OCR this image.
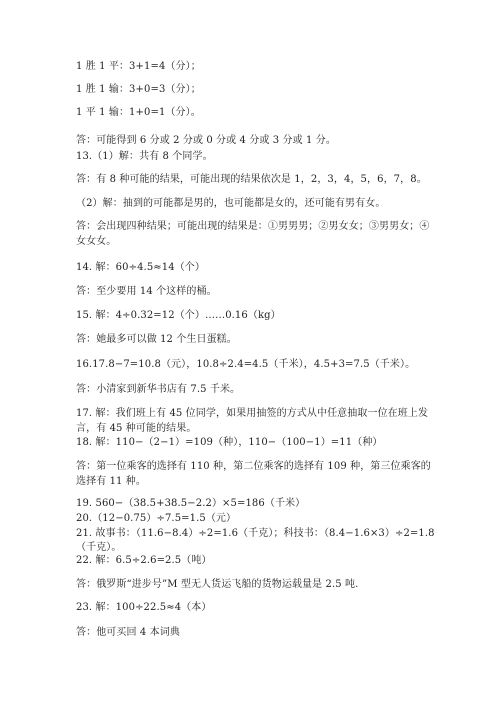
1 胜 1 平：3+1=4（分）；
1 胜 1 输：3+0=3（分）；
1 平 1 输：1+0=1（分）。
答：可能得到 6 分或 2 分或 0 分或 4 分或 3 分或 1 分。
13.（1）解：共有 8 个同学。
答：有 8 种可能的结果，可能出现的结果依次是 1，2，3，4，5，6，7，8。
（2）解：抽到的可能都是男的，也可能都是女的，还可能有男有女。
答：会出现四种结果；可能出现的结果是：①男男男；②男女女；③男男女；④
女女女。
14. 解：60÷4.5≈14（个）
答：至少要用 14 个这样的桶。
15. 解：4÷0.32=12（个）……0.16（kg）
答：她最多可以做 12 个生日蛋糕。
16.17.8−7=10.8（元），10.8÷2.4=4.5（千米），4.5+3=7.5（千米）。
答：小清家到新华书店有 7.5 千米。
17. 解：我们班上有 45 位同学，如果用抽签的方式从中任意抽取一位在班上发
言，有 45 种可能的结果。
18. 解：110−（2−1）=109（种），110−（100−1）=11（种）
答：第一位乘客的选择有 110 种，第二位乘客的选择有 109 种，第三位乘客的
选择有 11 种。
19. 560−（38.5+38.5−2.2）×5=186（千米）
20.（12−0.75）÷7.5=1.5（元）
21. 故事书：（11.6−8.4）÷2=1.6（千克）；科技书：（8.4−1.6×3）÷2=1.8
（千克）。
22. 解：6.5÷2.6=2.5（吨）
答：俄罗斯“进步号”M 型无人货运飞船的货物运载量是 2.5 吨.
23. 解：100÷22.5≈4（本）
答：他可买回 4 本词典
